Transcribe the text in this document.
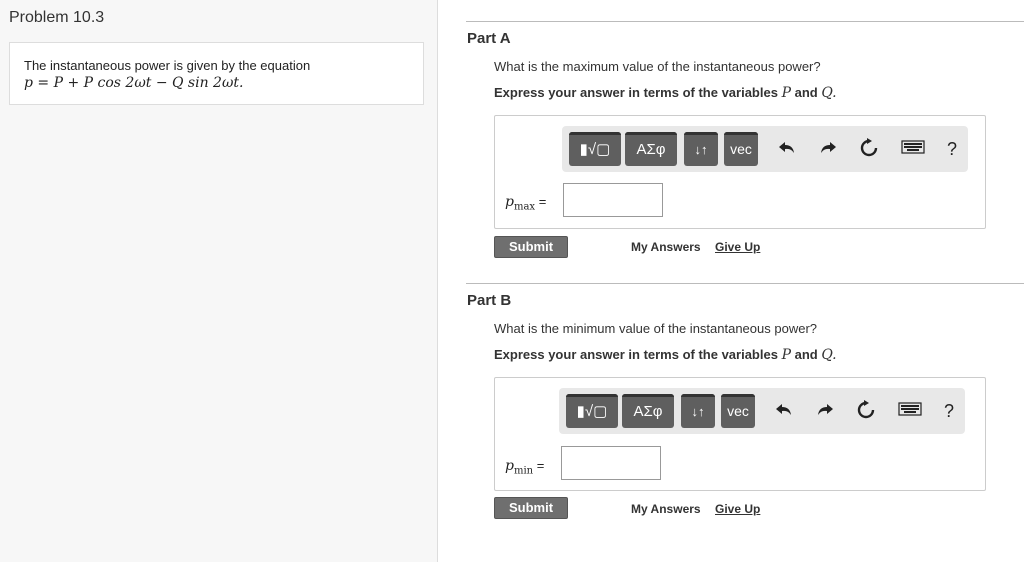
Problem 10.3
The instantaneous power is given by the equation
p = P + P cos 2ωt − Q sin 2ωt.
Part A
What is the maximum value of the instantaneous power?
Express your answer in terms of the variables P and Q.
▮√▢ ΑΣφ ↓↑ vec	?
$p_{max}$ =
Submit	My Answers Give Up
Part B
What is the minimum value of the instantaneous power?
Express your answer in terms of the variables P and Q.
▮√▢ ΑΣφ ↓↑ vec	?
$p_{min}$ =
Submit	My Answers Give Up
